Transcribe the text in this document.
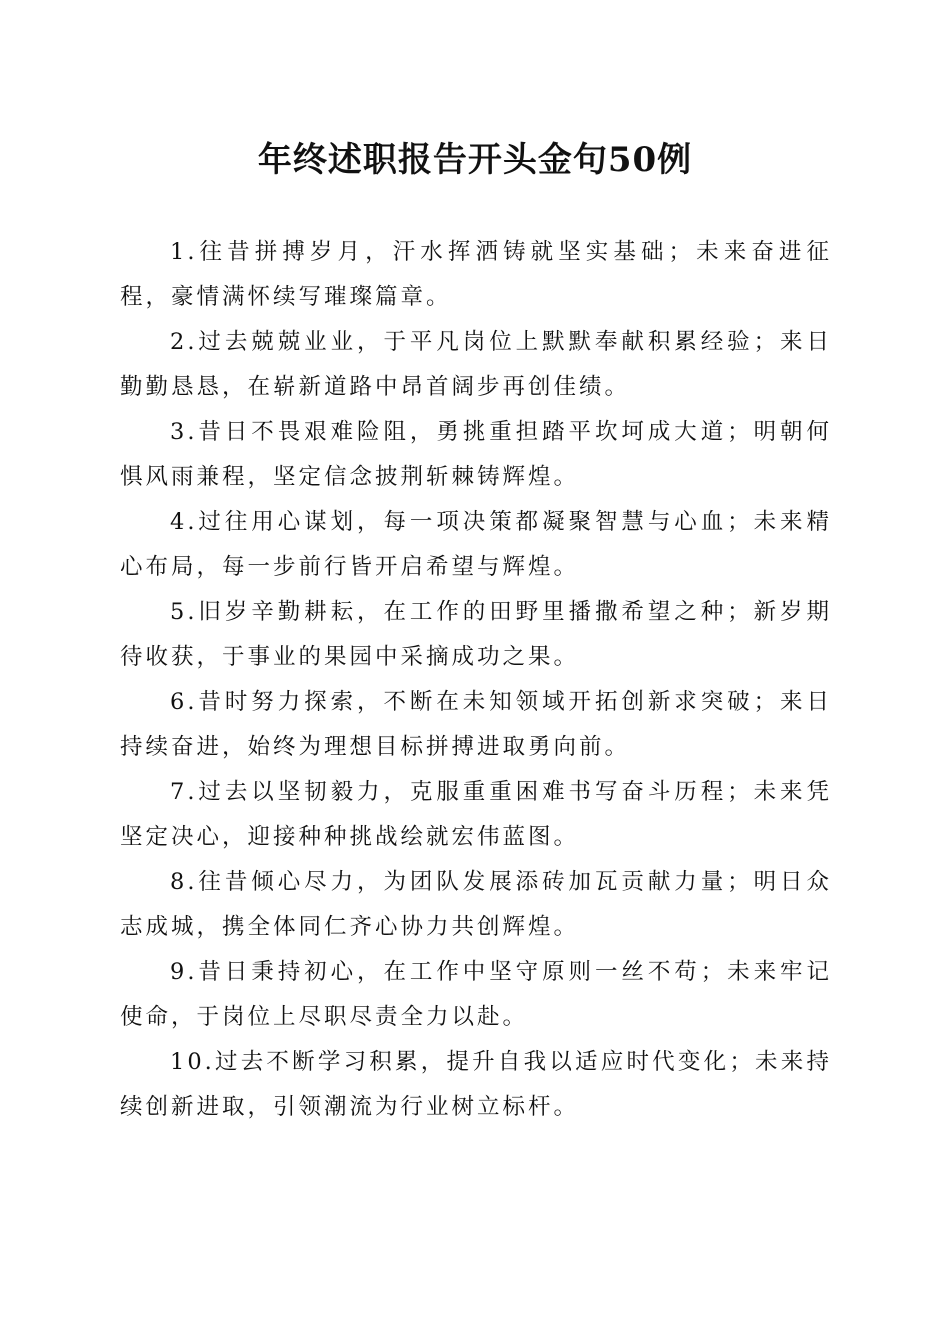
年终述职报告开头金句50例
1.往昔拼搏岁月，汗水挥洒铸就坚实基础；未来奋进征程，豪情满怀续写璀璨篇章。
2.过去兢兢业业，于平凡岗位上默默奉献积累经验；来日勤勤恳恳，在崭新道路中昂首阔步再创佳绩。
3.昔日不畏艰难险阻，勇挑重担踏平坎坷成大道；明朝何惧风雨兼程，坚定信念披荆斩棘铸辉煌。
4.过往用心谋划，每一项决策都凝聚智慧与心血；未来精心布局，每一步前行皆开启希望与辉煌。
5.旧岁辛勤耕耘，在工作的田野里播撒希望之种；新岁期待收获，于事业的果园中采摘成功之果。
6.昔时努力探索，不断在未知领域开拓创新求突破；来日持续奋进，始终为理想目标拼搏进取勇向前。
7.过去以坚韧毅力，克服重重困难书写奋斗历程；未来凭坚定决心，迎接种种挑战绘就宏伟蓝图。
8.往昔倾心尽力，为团队发展添砖加瓦贡献力量；明日众志成城，携全体同仁齐心协力共创辉煌。
9.昔日秉持初心，在工作中坚守原则一丝不苟；未来牢记使命，于岗位上尽职尽责全力以赴。
10.过去不断学习积累，提升自我以适应时代变化；未来持续创新进取，引领潮流为行业树立标杆。
